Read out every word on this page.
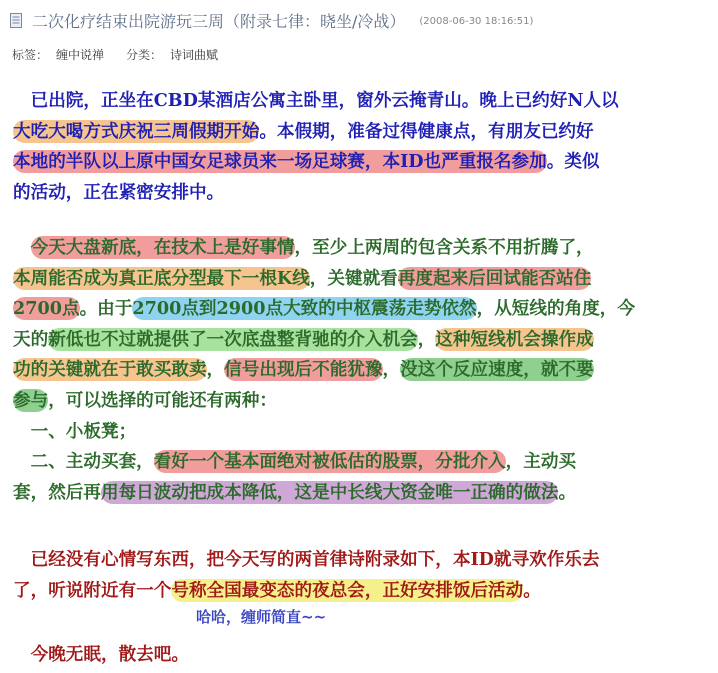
二次化疗结束出院游玩三周（附录七律：晓坐/冷战） (2008-06-30 18:16:51)
标签： 缠中说禅 分类： 诗词曲赋
　已出院，正坐在CBD某酒店公寓主卧里，窗外云掩青山。晚上已约好N人以
大吃大喝方式庆祝三周假期开始。本假期，准备过得健康点，有朋友已约好
本地的半队以上原中国女足球员来一场足球赛，本ID也严重报名参加。类似
的活动，正在紧密安排中。
　今天大盘新底，在技术上是好事情，至少上两周的包含关系不用折腾了，
本周能否成为真正底分型最下一根K线，关键就看再度起来后回试能否站住
2700点。由于2700点到2900点大致的中枢震荡走势依然，从短线的角度，今
天的新低也不过就提供了一次底盘整背驰的介入机会，这种短线机会操作成
功的关键就在于敢买敢卖，信号出现后不能犹豫，没这个反应速度，就不要
参与，可以选择的可能还有两种：
　一、小板凳；
　二、主动买套，看好一个基本面绝对被低估的股票，分批介入，主动买
套，然后再用每日波动把成本降低，这是中长线大资金唯一正确的做法。
　已经没有心情写东西，把今天写的两首律诗附录如下，本ID就寻欢作乐去
了，听说附近有一个号称全国最变态的夜总会，正好安排饭后活动。
哈哈，缠师简直~~
　今晚无眠，散去吧。
